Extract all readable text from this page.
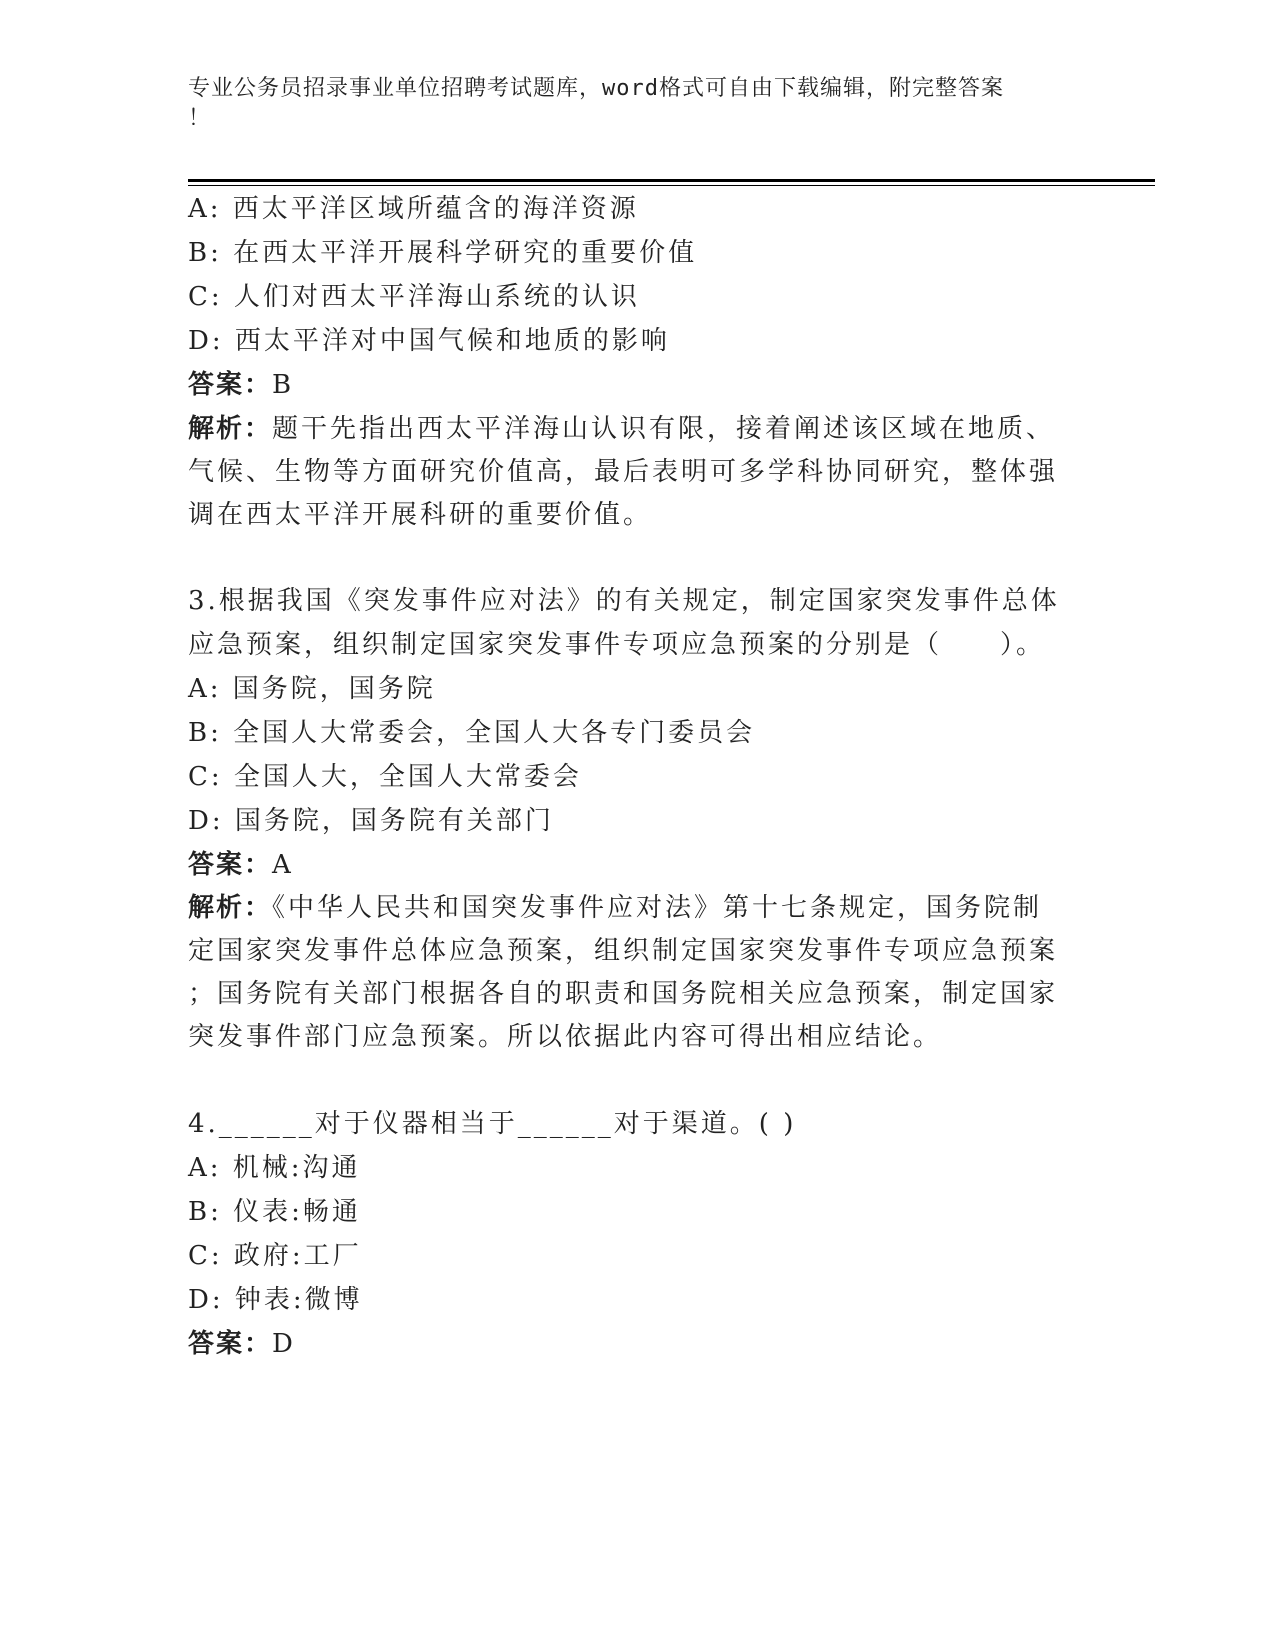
专业公务员招录事业单位招聘考试题库，word格式可自由下载编辑，附完整答案
！
A: 西太平洋区域所蕴含的海洋资源
B: 在西太平洋开展科学研究的重要价值
C: 人们对西太平洋海山系统的认识
D: 西太平洋对中国气候和地质的影响
答案：B
解析：题干先指出西太平洋海山认识有限，接着阐述该区域在地质、
气候、生物等方面研究价值高，最后表明可多学科协同研究，整体强
调在西太平洋开展科研的重要价值。
3.根据我国《突发事件应对法》的有关规定，制定国家突发事件总体
应急预案，组织制定国家突发事件专项应急预案的分别是（　　）。
A: 国务院，国务院
B: 全国人大常委会，全国人大各专门委员会
C: 全国人大，全国人大常委会
D: 国务院，国务院有关部门
答案：A
解析：《中华人民共和国突发事件应对法》第十七条规定，国务院制
定国家突发事件总体应急预案，组织制定国家突发事件专项应急预案
；国务院有关部门根据各自的职责和国务院相关应急预案，制定国家
突发事件部门应急预案。所以依据此内容可得出相应结论。
4.______对于仪器相当于______对于渠道。( )
A: 机械:沟通
B: 仪表:畅通
C: 政府:工厂
D: 钟表:微博
答案：D
